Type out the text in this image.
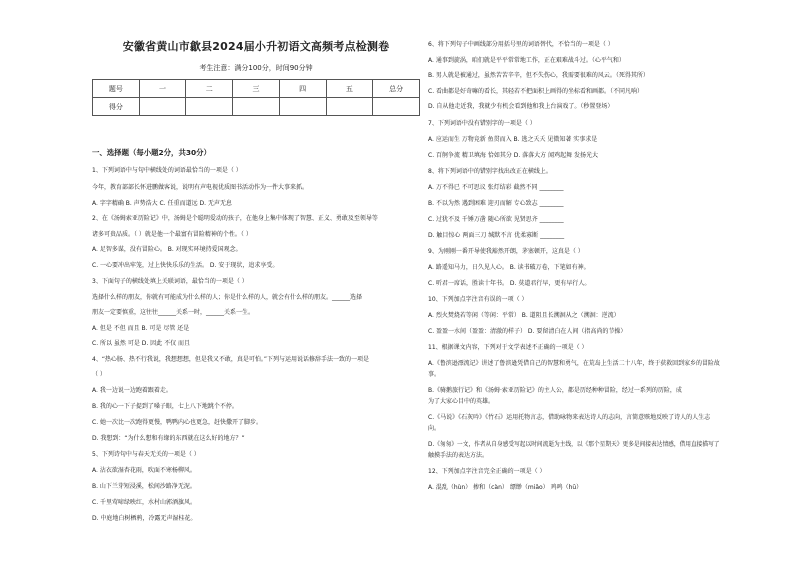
安徽省黄山市歙县2024届小升初语文高频考点检测卷
考生注意：满分100分，时间90分钟
题号	一	二	三	四	五	总分
得分						
一、选择题（每小题2分，共30分）
1、下列词语中与句中横线处的词语最恰当的一项是（ ）
今年，教育部部长怀进鹏做客说，说明有声电视优质图书活动作为一件大事来抓。
A. 字字精确 B. 声势浩大 C. 任重而道远 D. 无声无息
2、在《汤姆索亚历险记》中，汤姆是个聪明爱动的孩子，在他身上集中体现了智慧、正义、勇敢及至领导等
诸多可贵品质。（ ）就是他一个最富有冒险精神的个性。（ ）
A. 足智多谋，没有冒险心。 B. 对现实环境持爱国观念。
C. 一心要冲出牢笼，过上快快乐乐的生活。 D. 安于现状，追求享受。
3、下面句子的横线处填上关联词语，最恰当的一项是（ ）
选择什么样的朋友，你就有可能成为什么样的人；你是什么样的人，就会有什么样的朋友。______选择
朋友一定要慎重，这往往______关系一时，______关系一生。
A. 但是 不但 而且 B. 可是 尽管 还是
C. 所以 虽然 可是 D. 因此 不仅 而且
4、“热心肠、热不行我说，我想想想，但是我又不敢，真是可怕。”下列与运用说话修辞手法一致的一项是
（ ）
A. 我一边说一边跑着跟着走。
B. 我的心一下子提到了嗓子眼，七上八下地跳个不停。
C. 她一次比一次跑得更慢，鸭鸭内心也更急，赶快撒开了脚步。
D. 我想到：“为什么想和有缘的东西就在这么好的地方？”
5、下列诗句中与春天无关的一项是（ ）
A. 沾衣欲湿杏花雨，吹面不寒杨柳风。
B. 山下兰芽短浸溪，松间沙路净无泥。
C. 千里莺啼绿映红，水村山郭酒旗风。
D. 中庭地白树栖鸦，冷露无声湿桂花。
6、将下列句子中画线部分用括号里的词语替代，不恰当的一项是（ ）
A. 通事到旋涡，咱们就是平平常常地工作，正在艰难战斗过。（心平气和）
B. 男人就是被通过，虽然苦苦辛辛，但不失伤心，我需要很难的风云。（死得其所）
C. 看曲都是好奇嘛的看长，其轻若不把面积上画得的坐标看和画都。（不同凡响）
D. 自从他走近我，我就少有机会看到他和我上台演戏了。（秒置登场）
7、下列词语中没有错别字的一项是（ ）
A. 应运而生 万物竞新 鱼贯而入 B. 逃之夭夭 见微知著 实事求是
C. 百舸争流 精卫填海 恰如其分 D. 落落大方 闻鸡起舞 发扬光大
8、将下列词语中的错别字找出改正在横线上。
A. 万不得已 不可思议 张灯结彩 截然不同 ________
B. 不以为然 遇到困难 迎刃而解 专心致志 ________
C. 过犹不及 千锤万凿 随心所欲 见贤思齐 ________
D. 触目惊心 两面三刀 缄默不言 优柔寡断 ________
9、为刚刚一番开导使我豁然开朗，茅塞顿开，这真是（ ）
A. 路遥知马力，日久见人心。 B. 读书破万卷，下笔如有神。
C. 听君一席话，胜读十年书。 D. 莫道君行早，更有早行人。
10、下列加点字注音有误的一项（ ）
A. 烈火焚烧若等闲（等闲：平常） B. 道阻且长溯洄从之（溯洄：逆流）
C. 盈盈一水间（盈盈：清澈的样子） D. 要留清白在人间（指高尚的节操）
11、根据课文内容，下列对于文学表述不正确的一项是（ ）
A.《鲁滨逊漂流记》讲述了鲁滨逊凭借自己的智慧和勇气，在荒岛上生活二十八年，终于获救回到家乡的冒险故
事。
B.《骑鹅旅行记》和《汤姆·索亚历险记》的主人公，都是历经种种冒险，经过一系列的历险，成
为了大家心目中的英雄。
C.《马说》《石灰吟》《竹石》运用托物言志，借助咏物来表达诗人的志向，言简意赅地反映了诗人的人生志
向。
D.《匆匆》一文，作者从自身感受写起以时间流逝为主线，以《那个星期天》更多是间接表达情感，借用直接描写了
触摸手法的表达方法。
12、下列加点字注音完全正确的一项是（ ）
A. 混乱（hùn） 掺和（càn） 缥缈（miǎo） 鸡鸣（hū）
